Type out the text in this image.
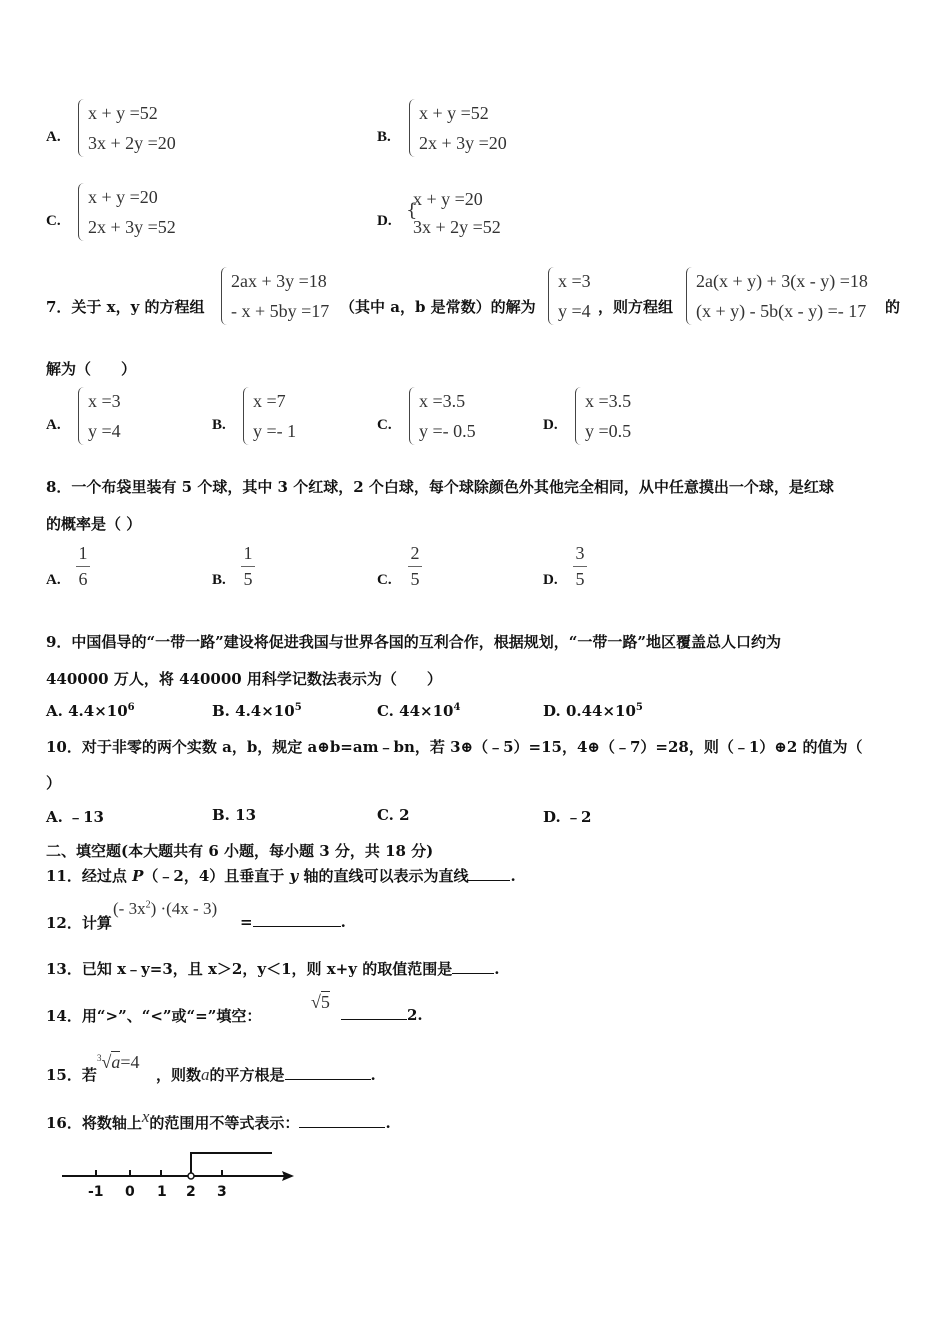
A.
x + y =52
3x + 2y =20	B.
x + y =52
2x + 3y =20
C.
x + y =20
2x + 3y =52	D. {
x + y =20
3x + 2y =52
7．关于 x，y 的方程组
2ax + 3y =18
- x + 5by =17 （其中 a，b 是常数）的解为
x =3
y =4 ，则方程组
2a(x + y) + 3(x - y) =18
(x + y) - 5b(x - y) =- 17 的
解为（　　）
A.
x =3
y =4	B.
x =7
y =- 1	C.
x =3.5
y =- 0.5	D.
x =3.5
y =0.5
8．一个布袋里装有 5 个球，其中 3 个红球，2 个白球，每个球除颜色外其他完全相同，从中任意摸出一个球，是红球
的概率是（ ）
A.
1
6	B.
1
5	C.
2
5	D.
3
5
9．中国倡导的“一带一路”建设将促进我国与世界各国的互利合作，根据规划，“一带一路”地区覆盖总人口约为
440000 万人，将 440000 用科学记数法表示为（　　）
A. $4.4\times 10^6$	B. $4.4\times 10^5$	C. $44\times 10^4$	D. $0.44\times 10^5$
10．对于非零的两个实数 a，b，规定 a⊕b=am﹣bn，若 3⊕（﹣5）=15，4⊕（﹣7）=28，则（﹣1）⊕2 的值为（
）
A. ﹣13	B. 13	C. 2	D. ﹣2
二、填空题(本大题共有 6 小题，每小题 3 分，共 18 分)
11．经过点 P（﹣2，4）且垂直于 y 轴的直线可以表示为直线	.
12．计算
(- $3x^2) \cdot(4x - 3)$
=	.
13．已知 x﹣y=3，且 x＞2，y＜1，则 x+y 的取值范围是	.
14．用“>”、“<”或“=”填空：
√5
2.
15．若
$^3$√a=4
，则数a的平方根是	.
16．将数轴上x的范围用不等式表示：	.
-1 0 1 2 3
